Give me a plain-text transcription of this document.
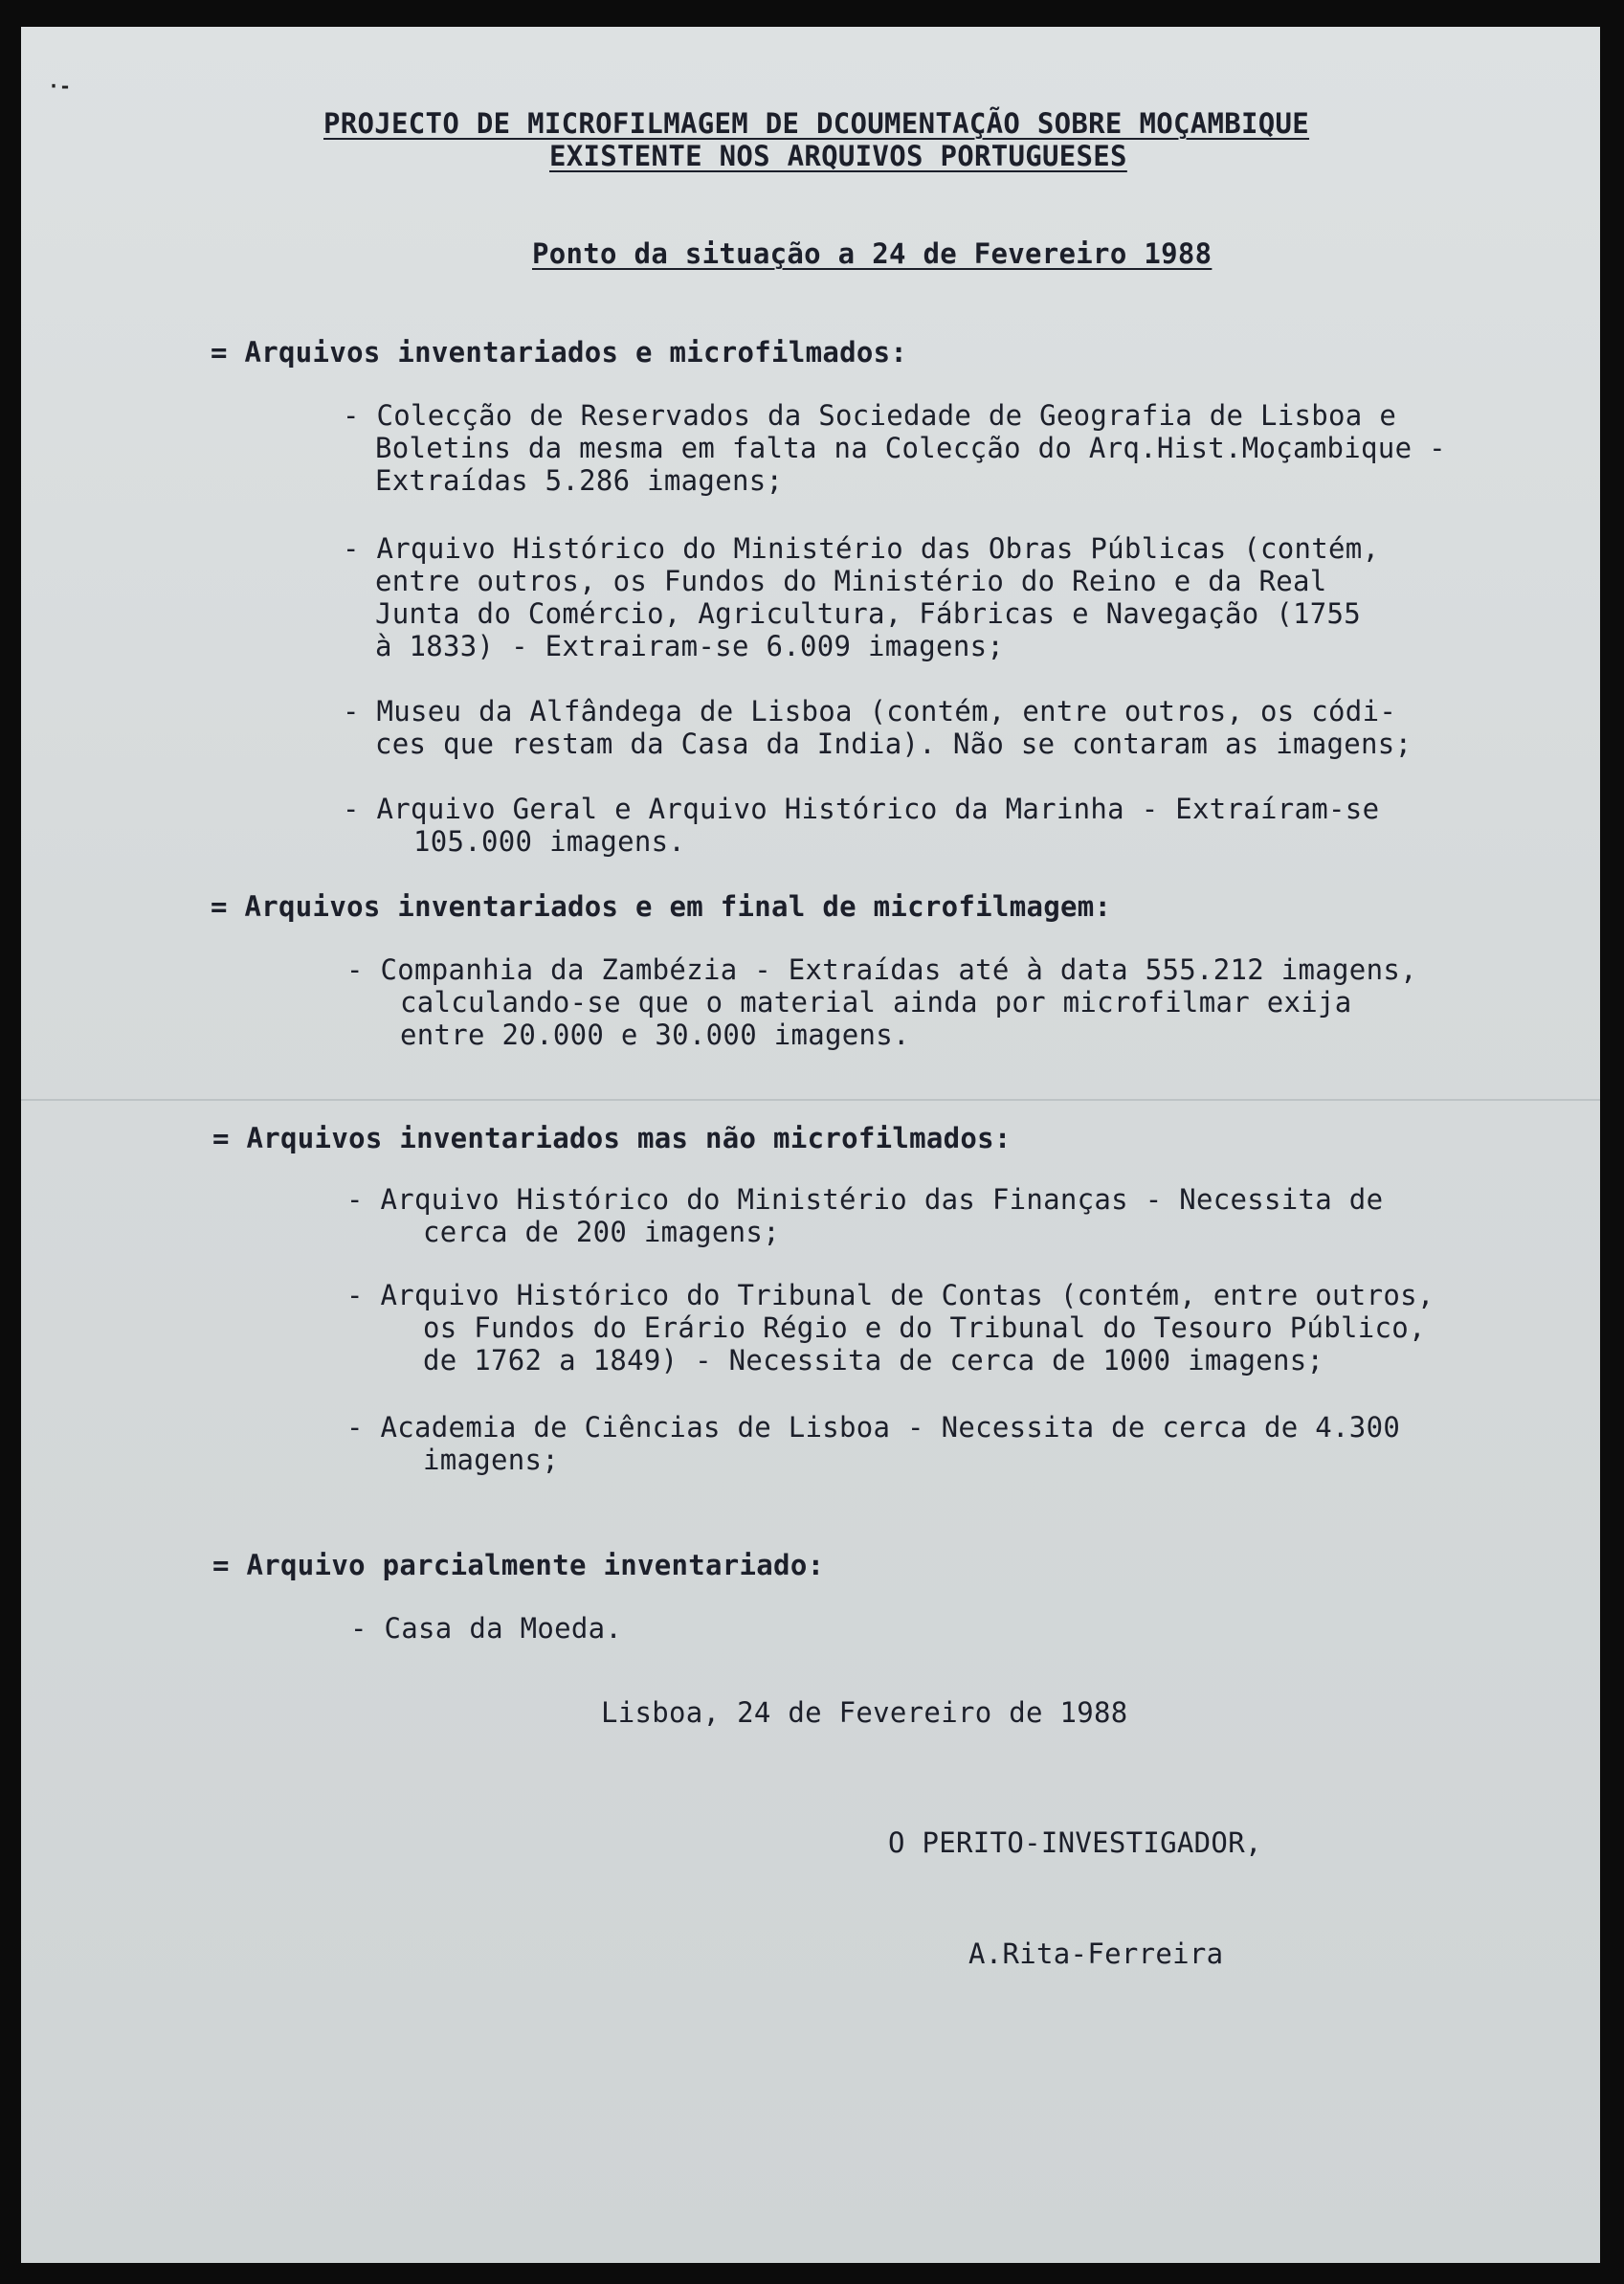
·‑
PROJECTO DE MICROFILMAGEM DE DCOUMENTAÇÃO SOBRE MOÇAMBIQUE
EXISTENTE NOS ARQUIVOS PORTUGUESES
Ponto da situação a 24 de Fevereiro 1988
= Arquivos inventariados e microfilmados:
- Colecção de Reservados da Sociedade de Geografia de Lisboa e
Boletins da mesma em falta na Colecção do Arq.Hist.Moçambique -
Extraídas 5.286 imagens;
- Arquivo Histórico do Ministério das Obras Públicas (contém,
entre outros, os Fundos do Ministério do Reino e da Real
Junta do Comércio, Agricultura, Fábricas e Navegação (1755
à 1833) - Extrairam-se 6.009 imagens;
- Museu da Alfândega de Lisboa (contém, entre outros, os códi-
ces que restam da Casa da India). Não se contaram as imagens;
- Arquivo Geral e Arquivo Histórico da Marinha - Extraíram-se
105.000 imagens.
= Arquivos inventariados e em final de microfilmagem:
- Companhia da Zambézia - Extraídas até à data 555.212 imagens,
calculando-se que o material ainda por microfilmar exija
entre 20.000 e 30.000 imagens.
= Arquivos inventariados mas não microfilmados:
- Arquivo Histórico do Ministério das Finanças - Necessita de
cerca de 200 imagens;
- Arquivo Histórico do Tribunal de Contas (contém, entre outros,
os Fundos do Erário Régio e do Tribunal do Tesouro Público,
de 1762 a 1849) - Necessita de cerca de 1000 imagens;
- Academia de Ciências de Lisboa - Necessita de cerca de 4.300
imagens;
= Arquivo parcialmente inventariado:
- Casa da Moeda.
Lisboa, 24 de Fevereiro de 1988
O PERITO-INVESTIGADOR,
A.Rita-Ferreira
